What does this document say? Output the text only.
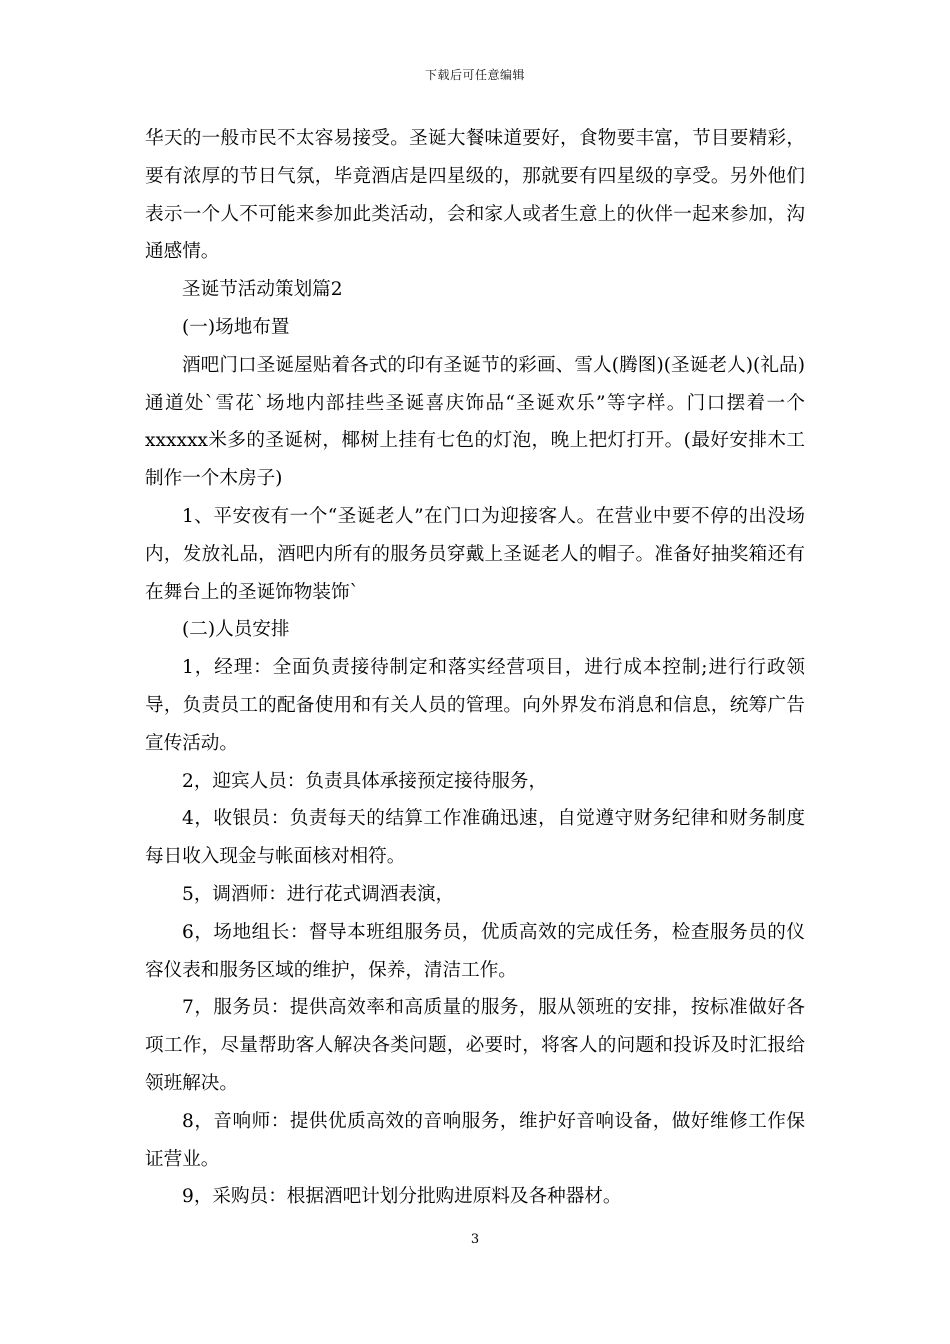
下载后可任意编辑

华天的一般市民不太容易接受。圣诞大餐味道要好，食物要丰富，节目要精彩，要有浓厚的节日气氛，毕竟酒店是四星级的，那就要有四星级的享受。另外他们表示一个人不可能来参加此类活动，会和家人或者生意上的伙伴一起来参加，沟通感情。

圣诞节活动策划篇2

(一)场地布置

酒吧门口圣诞屋贴着各式的印有圣诞节的彩画、雪人(腾图)(圣诞老人)(礼品)通道处`雪花`场地内部挂些圣诞喜庆饰品“圣诞欢乐”等字样。门口摆着一个xxxxxx米多的圣诞树，椰树上挂有七色的灯泡，晚上把灯打开。(最好安排木工制作一个木房子)

1、平安夜有一个“圣诞老人”在门口为迎接客人。在营业中要不停的出没场内，发放礼品，酒吧内所有的服务员穿戴上圣诞老人的帽子。准备好抽奖箱还有在舞台上的圣诞饰物装饰`

(二)人员安排

1，经理：全面负责接待制定和落实经营项目，进行成本控制;进行行政领导，负责员工的配备使用和有关人员的管理。向外界发布消息和信息，统筹广告宣传活动。

2，迎宾人员：负责具体承接预定接待服务，

4，收银员：负责每天的结算工作准确迅速，自觉遵守财务纪律和财务制度每日收入现金与帐面核对相符。

5，调酒师：进行花式调酒表演，

6，场地组长：督导本班组服务员，优质高效的完成任务，检查服务员的仪容仪表和服务区域的维护，保养，清洁工作。

7，服务员：提供高效率和高质量的服务，服从领班的安排，按标准做好各项工作，尽量帮助客人解决各类问题，必要时，将客人的问题和投诉及时汇报给领班解决。

8，音响师：提供优质高效的音响服务，维护好音响设备，做好维修工作保证营业。

9，采购员：根据酒吧计划分批购进原料及各种器材。

3
